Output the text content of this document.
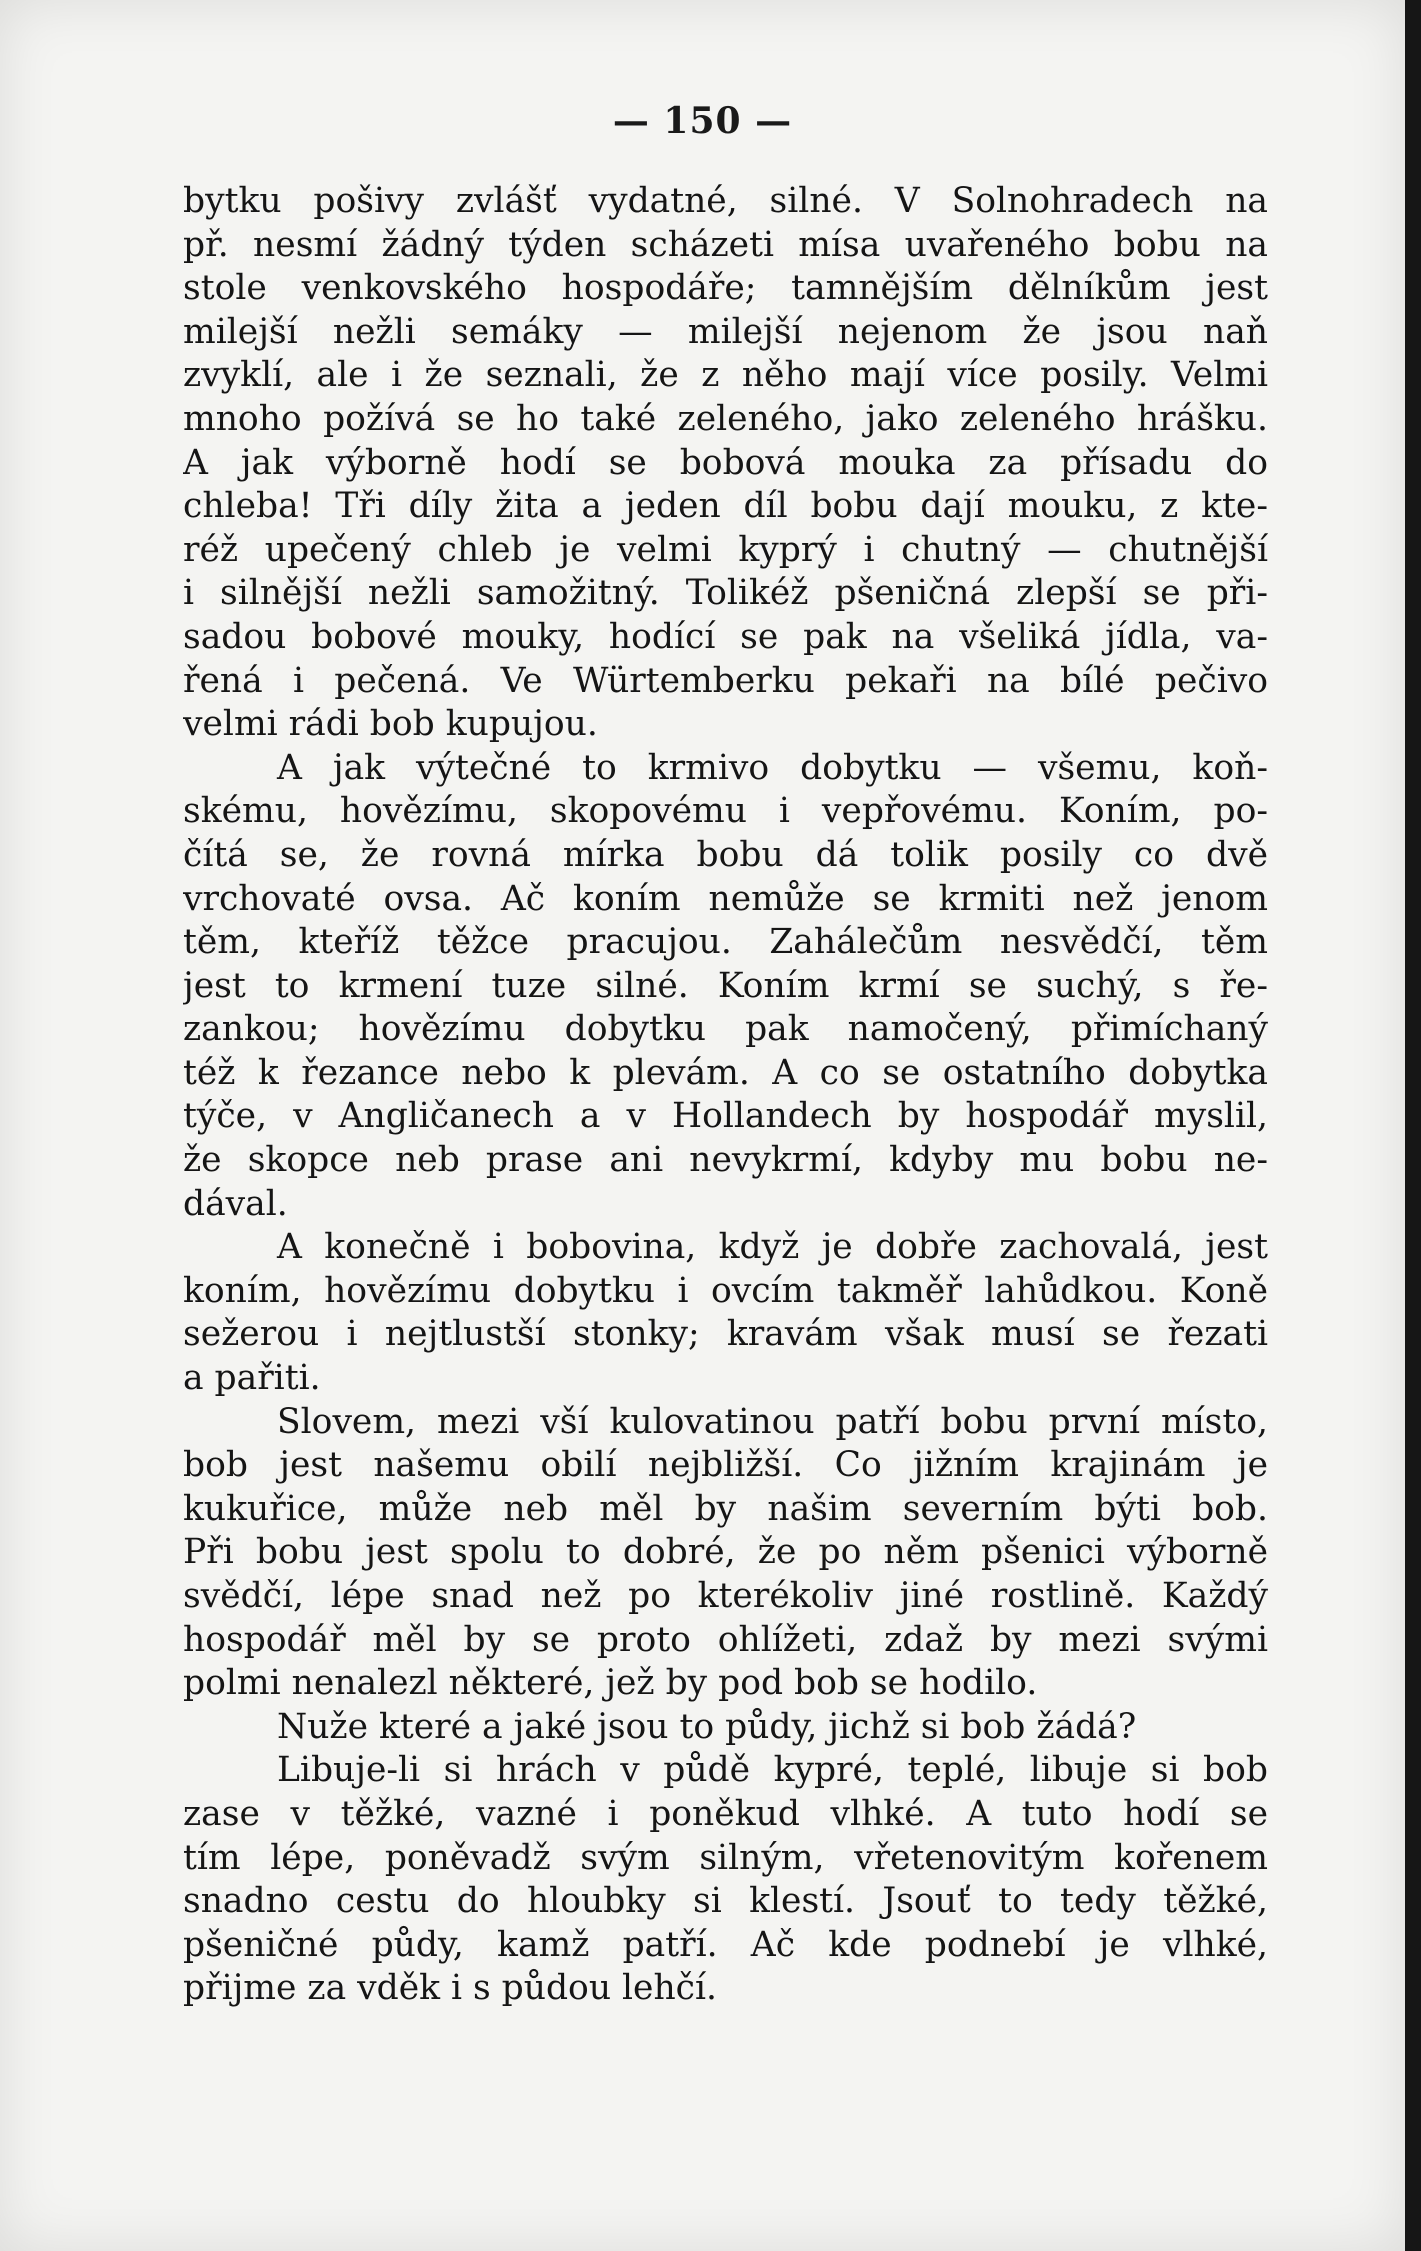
— 150 —
bytku pošivy zvlášť vydatné, silné. V Solnohradech na
př. nesmí žádný týden scházeti mísa uvařeného bobu na
stole venkovského hospodáře; tamnějším dělníkům jest
milejší nežli semáky — milejší nejenom že jsou naň
zvyklí, ale i že seznali, že z něho mají více posily. Velmi
mnoho požívá se ho také zeleného, jako zeleného hrášku.
A jak výborně hodí se bobová mouka za přísadu do
chleba! Tři díly žita a jeden díl bobu dají mouku, z kte-
réž upečený chleb je velmi kyprý i chutný — chutnější
i silnější nežli samožitný. Tolikéž pšeničná zlepší se při-
sadou bobové mouky, hodící se pak na všeliká jídla, va-
řená i pečená. Ve Würtemberku pekaři na bílé pečivo
velmi rádi bob kupujou.
A jak výtečné to krmivo dobytku — všemu, koň-
skému, hovězímu, skopovému i vepřovému. Koním, po-
čítá se, že rovná mírka bobu dá tolik posily co dvě
vrchovaté ovsa. Ač koním nemůže se krmiti než jenom
těm, kteříž těžce pracujou. Zahálečům nesvědčí, těm
jest to krmení tuze silné. Koním krmí se suchý, s ře-
zankou; hovězímu dobytku pak namočený, přimíchaný
též k řezance nebo k plevám. A co se ostatního dobytka
týče, v Angličanech a v Hollandech by hospodář myslil,
že skopce neb prase ani nevykrmí, kdyby mu bobu ne-
dával.
A konečně i bobovina, když je dobře zachovalá, jest
koním, hovězímu dobytku i ovcím takměř lahůdkou. Koně
sežerou i nejtlustší stonky; kravám však musí se řezati
a pařiti.
Slovem, mezi vší kulovatinou patří bobu první místo,
bob jest našemu obilí nejbližší. Co jižním krajinám je
kukuřice, může neb měl by našim severním býti bob.
Při bobu jest spolu to dobré, že po něm pšenici výborně
svědčí, lépe snad než po kterékoliv jiné rostlině. Každý
hospodář měl by se proto ohlížeti, zdaž by mezi svými
polmi nenalezl některé, jež by pod bob se hodilo.
Nuže které a jaké jsou to půdy, jichž si bob žádá?
Libuje-li si hrách v půdě kypré, teplé, libuje si bob
zase v těžké, vazné i poněkud vlhké. A tuto hodí se
tím lépe, poněvadž svým silným, vřetenovitým kořenem
snadno cestu do hloubky si klestí. Jsouť to tedy těžké,
pšeničné půdy, kamž patří. Ač kde podnebí je vlhké,
přijme za vděk i s půdou lehčí.
